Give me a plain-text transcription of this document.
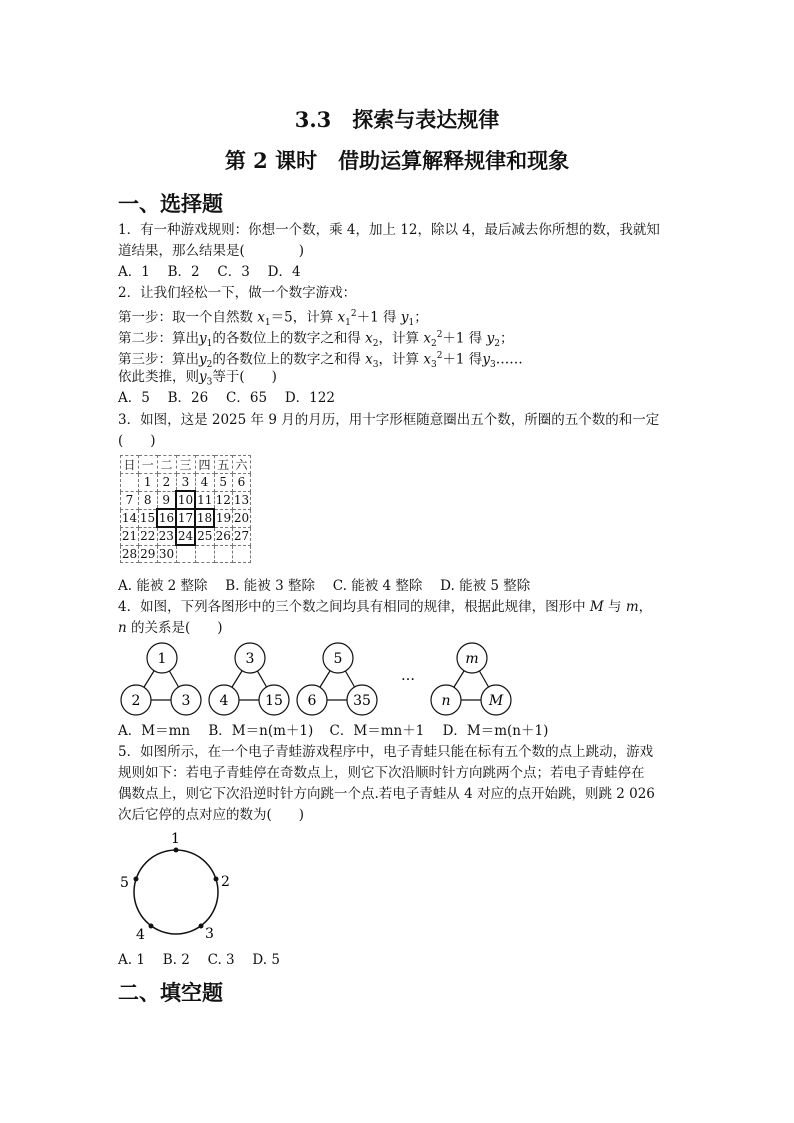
3.3　探索与表达规律
第 2 课时　借助运算解释规律和现象
一、选择题
1．有一种游戏规则：你想一个数，乘 4，加上 12，除以 4，最后减去你所想的数，我就知
道结果，那么结果是(　　　　)
A．1　 B．2　 C．3　 D．4
2．让我们轻松一下，做一个数字游戏：
第一步：取一个自然数 $x_1=5$，计算 $x_1^2+1$ 得 $y_1$；
第二步：算出$y_1$的各数位上的数字之和得 $x_2$，计算 $x_2^2+1$ 得 $y_2$；
第三步：算出$y_2$的各数位上的数字之和得 $x_3$，计算 $x_3^2+1$ 得$y_3\dots\dots$
依此类推，则$y_3$等于(　　)
A．5　 B．26　 C．65　 D．122
3．如图，这是 2025 年 9 月的月历，用十字形框随意圈出五个数，所圈的五个数的和一定
(　　)
日	一	二	三	四	五	六
	1	2	3	4	5	6
7	8	9	10	11	12	13
14	15	16	17	18	19	20
21	22	23	24	25	26	27
28	29	30				
A. 能被 2 整除　 B. 能被 3 整除　 C. 能被 4 整除　 D. 能被 5 整除
4．如图，下列各图形中的三个数之间均具有相同的规律，根据此规律，图形中 M 与 m，
n 的关系是(　　)
1
2	3
3
4	15
5
6	35
m
n	M
…
A．M＝mn B．M＝n(m＋1) C．M＝mn＋1 D．M＝m(n＋1)
5．如图所示，在一个电子青蛙游戏程序中，电子青蛙只能在标有五个数的点上跳动，游戏
规则如下：若电子青蛙停在奇数点上，则它下次沿顺时针方向跳两个点；若电子青蛙停在
偶数点上，则它下次沿逆时针方向跳一个点.若电子青蛙从 4 对应的点开始跳，则跳 2 026
次后它停的点对应的数为(　　)
1
2
3
4
5
A. 1　 B. 2　 C. 3　 D. 5
二、填空题
